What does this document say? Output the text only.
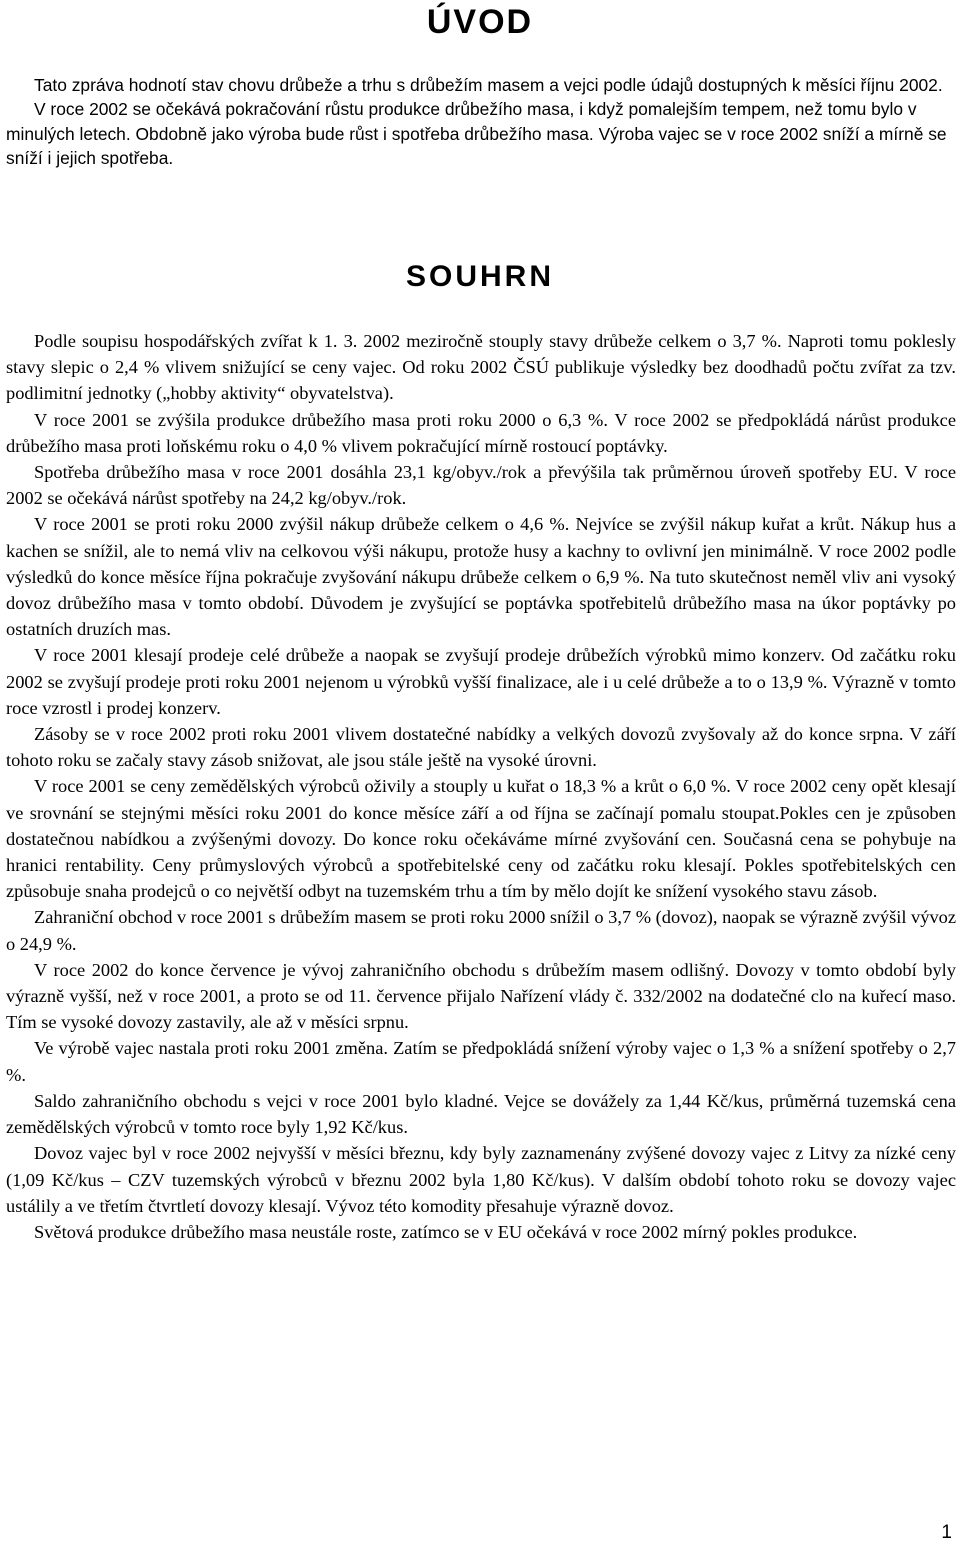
ÚVOD

Tato zpráva hodnotí stav chovu drůbeže a trhu s drůbežím masem a vejci podle údajů dostupných k měsíci říjnu 2002.

V roce 2002 se očekává pokračování růstu produkce drůbežího masa, i když pomalejším tempem, než tomu bylo v minulých letech. Obdobně jako výroba bude růst i spotřeba drůbežího masa. Výroba vajec se v roce 2002 sníží a mírně se sníží i jejich spotřeba.

SOUHRN

Podle soupisu hospodářských zvířat k 1. 3. 2002 meziročně stouply stavy drůbeže celkem o 3,7 %. Naproti tomu poklesly stavy slepic o 2,4 % vlivem snižující se ceny vajec. Od roku 2002 ČSÚ publikuje výsledky bez doodhadů počtu zvířat za tzv. podlimitní jednotky („hobby aktivity“ obyvatelstva).

V roce 2001 se zvýšila produkce drůbežího masa proti roku 2000 o 6,3 %. V roce 2002 se předpokládá nárůst produkce drůbežího masa proti loňskému roku o 4,0 % vlivem pokračující mírně rostoucí poptávky.

Spotřeba drůbežího masa v roce 2001 dosáhla 23,1 kg/obyv./rok a převýšila tak průměrnou úroveň spotřeby EU. V roce 2002 se očekává nárůst spotřeby na 24,2 kg/obyv./rok.

V roce 2001 se proti roku 2000 zvýšil nákup drůbeže celkem o 4,6 %. Nejvíce se zvýšil nákup kuřat a krůt. Nákup hus a kachen se snížil, ale to nemá vliv na celkovou výši nákupu, protože husy a kachny to ovlivní jen minimálně. V roce 2002 podle výsledků do konce měsíce října pokračuje zvyšování nákupu drůbeže celkem o 6,9 %. Na tuto skutečnost neměl vliv ani vysoký dovoz drůbežího masa v tomto období. Důvodem je zvyšující se poptávka spotřebitelů drůbežího masa na úkor poptávky po ostatních druzích mas.

V roce 2001 klesají prodeje celé drůbeže a naopak se zvyšují prodeje drůbežích výrobků mimo konzerv. Od začátku roku 2002 se zvyšují prodeje proti roku 2001 nejenom u výrobků vyšší finalizace, ale i u celé drůbeže a to o 13,9 %. Výrazně v tomto roce vzrostl i prodej konzerv.

Zásoby se v roce 2002 proti roku 2001 vlivem dostatečné nabídky a velkých dovozů zvyšovaly až do konce srpna. V září tohoto roku se začaly stavy zásob snižovat, ale jsou stále ještě na vysoké úrovni.

V roce 2001 se ceny zemědělských výrobců oživily a stouply u kuřat o 18,3 % a krůt o 6,0 %. V roce 2002 ceny opět klesají ve srovnání se stejnými měsíci roku 2001 do konce měsíce září a od října se začínají pomalu stoupat.Pokles cen je způsoben dostatečnou nabídkou a zvýšenými dovozy. Do konce roku očekáváme mírné zvyšování cen. Současná cena se pohybuje na hranici rentability. Ceny průmyslových výrobců a spotřebitelské ceny od začátku roku klesají. Pokles spotřebitelských cen způsobuje snaha prodejců o co největší odbyt na tuzemském trhu a tím by mělo dojít ke snížení vysokého stavu zásob.

Zahraniční obchod v roce 2001 s drůbežím masem se proti roku 2000 snížil o 3,7 % (dovoz), naopak se výrazně zvýšil vývoz o 24,9 %.

V roce 2002 do konce července je vývoj zahraničního obchodu s drůbežím masem odlišný. Dovozy v tomto období byly výrazně vyšší, než v roce 2001, a proto se od 11. července přijalo Nařízení vlády č. 332/2002 na dodatečné clo na kuřecí maso. Tím se vysoké dovozy zastavily, ale až v měsíci srpnu.

Ve výrobě vajec nastala proti roku 2001 změna. Zatím se předpokládá snížení výroby vajec o 1,3 % a snížení spotřeby o 2,7 %.

Saldo zahraničního obchodu s vejci v roce 2001 bylo kladné. Vejce se dovážely za 1,44 Kč/kus, průměrná tuzemská cena zemědělských výrobců v tomto roce byly 1,92 Kč/kus.

Dovoz vajec byl v roce 2002 nejvyšší v měsíci březnu, kdy byly zaznamenány zvýšené dovozy vajec z Litvy za nízké ceny (1,09 Kč/kus – CZV tuzemských výrobců v březnu 2002 byla 1,80 Kč/kus). V dalším období tohoto roku se dovozy vajec ustálily a ve třetím čtvrtletí dovozy klesají. Vývoz této komodity přesahuje výrazně dovoz.

Světová produkce drůbežího masa neustále roste, zatímco se v EU očekává v roce 2002 mírný pokles produkce.

1
